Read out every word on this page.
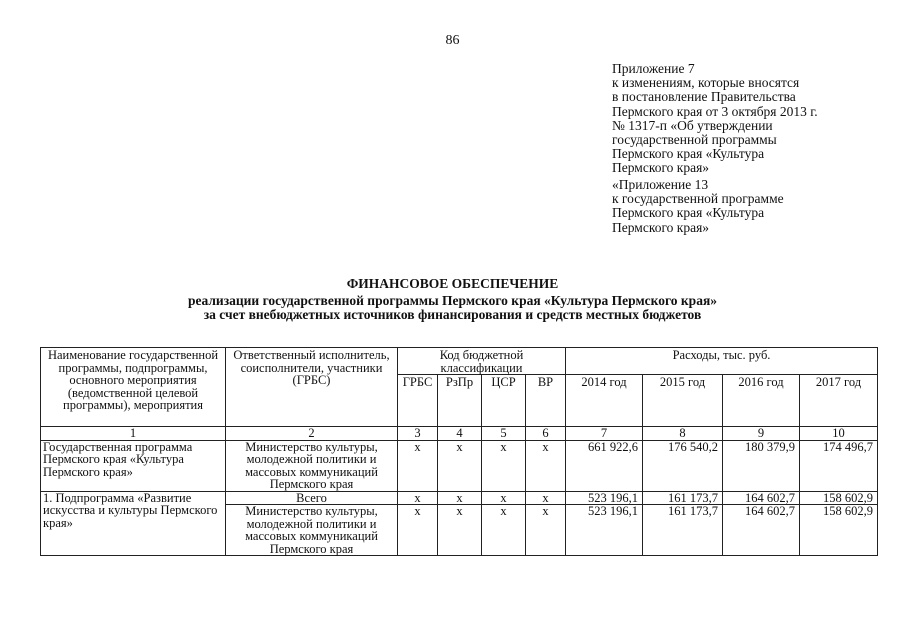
86
Приложение 7
к изменениям, которые вносятся
в постановление Правительства
Пермского края от 3 октября 2013 г.
№ 1317-п «Об утверждении
государственной программы
Пермского края «Культура
Пермского края»
«Приложение 13
к государственной программе
Пермского края «Культура
Пермского края»
ФИНАНСОВОЕ ОБЕСПЕЧЕНИЕ
реализации государственной программы Пермского края «Культура Пермского края»
за счет внебюджетных источников финансирования и средств местных бюджетов
Наименование государственной программы, подпрограммы, основного мероприятия (ведомственной целевой программы), мероприятия	Ответственный исполнитель, соисполнители, участники (ГРБС)	Код бюджетной классификации				Расходы, тыс. руб.			
		ГРБС	РзПр	ЦСР	ВР	2014 год	2015 год	2016 год	2017 год
1	2	3	4	5	6	7	8	9	10
Государственная программа Пермского края «Культура Пермского края»	Министерство культуры, молодежной политики и массовых коммуникаций Пермского края	х	х	х	х	661 922,6	176 540,2	180 379,9	174 496,7
1. Подпрограмма «Развитие искусства и культуры Пермского края»	Всего	х	х	х	х	523 196,1	161 173,7	164 602,7	158 602,9
	Министерство культуры, молодежной политики и массовых коммуникаций Пермского края	х	х	х	х	523 196,1	161 173,7	164 602,7	158 602,9
